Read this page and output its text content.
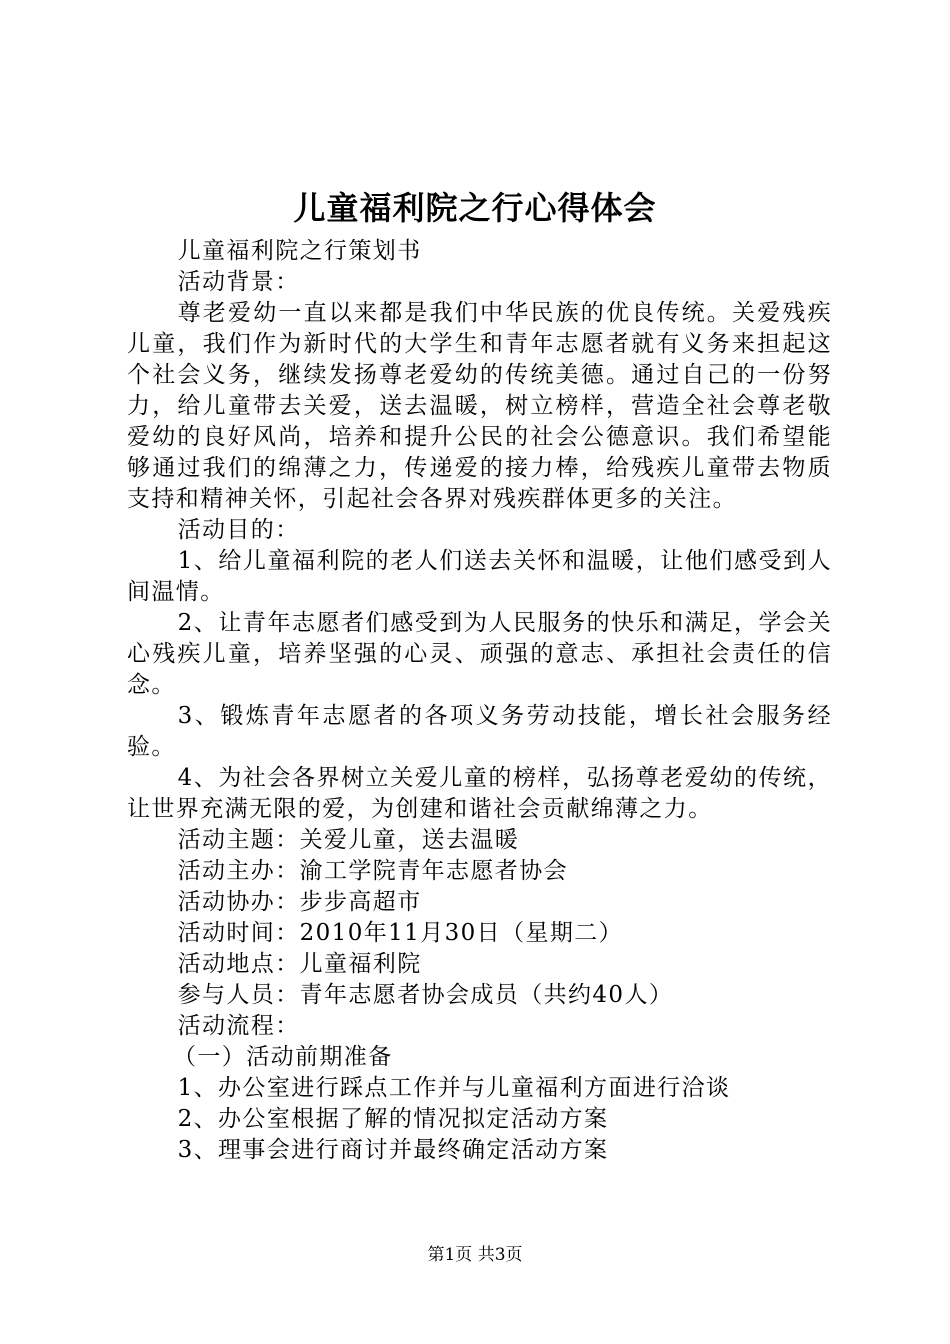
儿童福利院之行心得体会

儿童福利院之行策划书

活动背景：

尊老爱幼一直以来都是我们中华民族的优良传统。关爱残疾儿童，我们作为新时代的大学生和青年志愿者就有义务来担起这个社会义务，继续发扬尊老爱幼的传统美德。通过自己的一份努力，给儿童带去关爱，送去温暖，树立榜样，营造全社会尊老敬爱幼的良好风尚，培养和提升公民的社会公德意识。我们希望能够通过我们的绵薄之力，传递爱的接力棒，给残疾儿童带去物质支持和精神关怀，引起社会各界对残疾群体更多的关注。

活动目的：

1、给儿童福利院的老人们送去关怀和温暖，让他们感受到人间温情。

2、让青年志愿者们感受到为人民服务的快乐和满足，学会关心残疾儿童，培养坚强的心灵、顽强的意志、承担社会责任的信念。

3、锻炼青年志愿者的各项义务劳动技能，增长社会服务经验。

4、为社会各界树立关爱儿童的榜样，弘扬尊老爱幼的传统，让世界充满无限的爱，为创建和谐社会贡献绵薄之力。

活动主题：关爱儿童，送去温暖

活动主办：渝工学院青年志愿者协会

活动协办：步步高超市

活动时间：2010年11月30日（星期二）

活动地点：儿童福利院

参与人员：青年志愿者协会成员（共约40人）

活动流程：

（一）活动前期准备

1、办公室进行踩点工作并与儿童福利方面进行洽谈

2、办公室根据了解的情况拟定活动方案

3、理事会进行商讨并最终确定活动方案

第1页 共3页
